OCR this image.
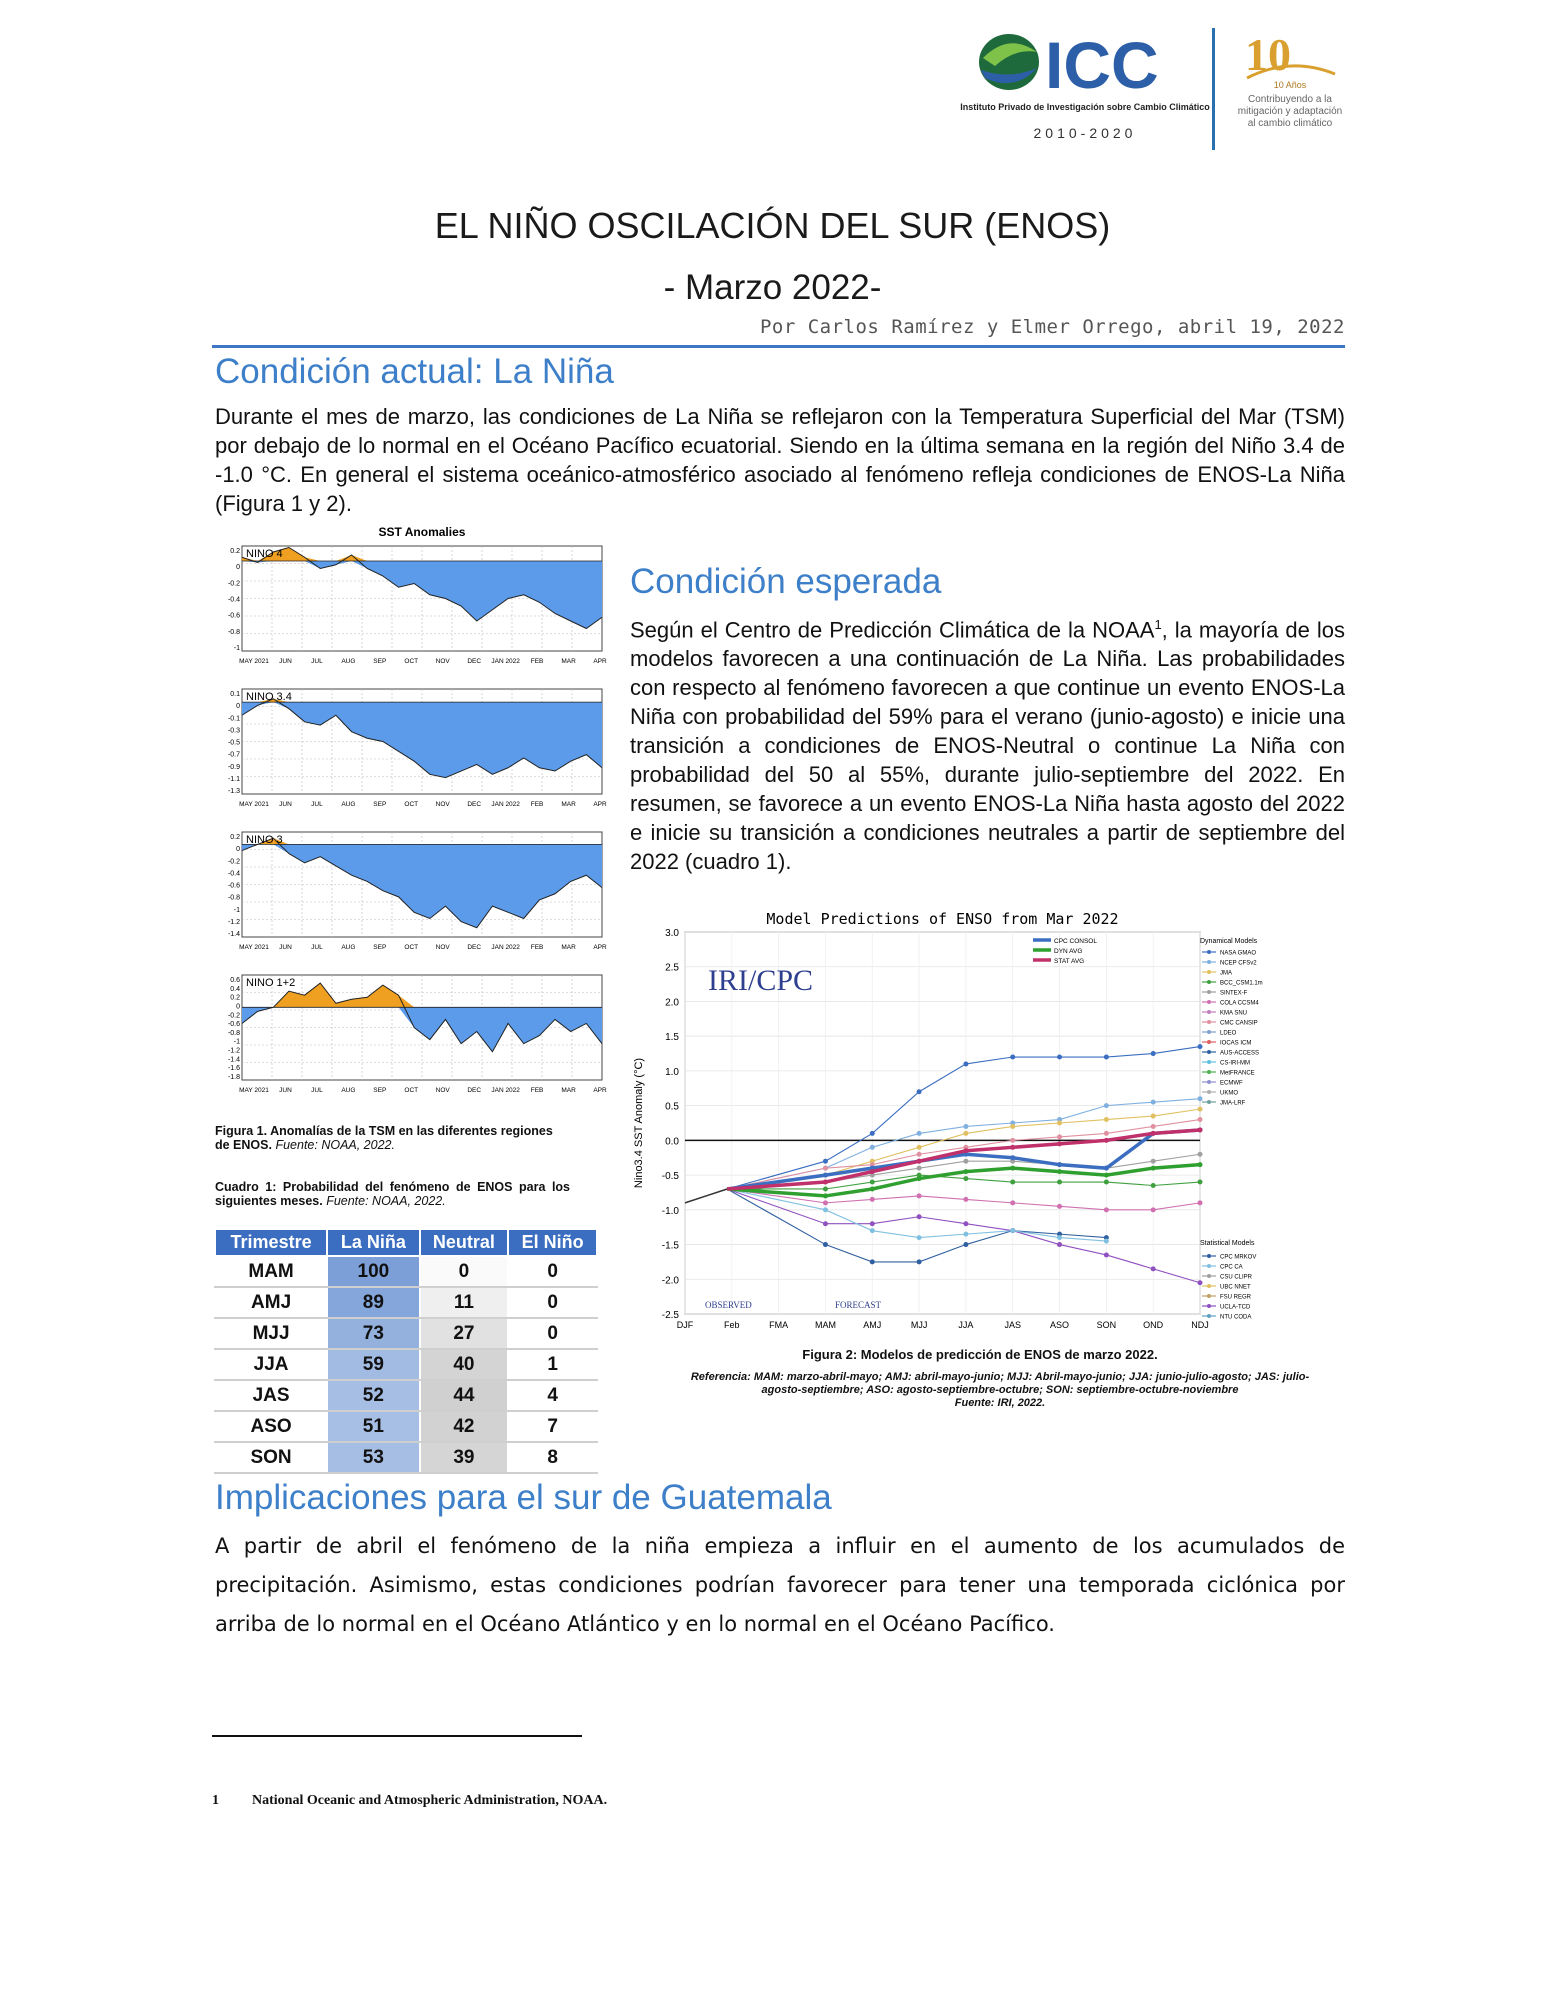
ICC
Instituto Privado de Investigación sobre Cambio Climático
2010-2020
10
10 Años
Contribuyendo a la mitigación y adaptación al cambio climático
EL NIÑO OSCILACIÓN DEL SUR (ENOS)
- Marzo 2022-
Por Carlos Ramírez y Elmer Orrego, abril 19, 2022
Condición actual: La Niña
Durante el mes de marzo, las condiciones de La Niña se reflejaron con la Temperatura Superficial del Mar (TSM) por debajo de lo normal en el Océano Pacífico ecuatorial. Siendo en la última semana en la región del Niño 3.4 de -1.0 °C. En general el sistema oceánico-atmosférico asociado al fenómeno refleja condiciones de ENOS-La Niña (Figura 1 y 2).
SST Anomalies
NINO 4
0.2
0
-0.2
-0.4
-0.6
-0.8
-1
MAY 2021 JUN	JUL	AUG	SEP	OCT	NOV	DEC JAN 2022 FEB	MAR	APR
NINO 3.4
0.1
0
-0.1
-0.3
-0.5
-0.7
-0.9
-1.1
-1.3
MAY 2021 JUN	JUL	AUG	SEP	OCT	NOV	DEC JAN 2022 FEB	MAR	APR
NINO 3
0.2
0
-0.2
-0.4
-0.6
-0.8
-1
-1.2
-1.4
MAY 2021 JUN	JUL	AUG	SEP	OCT	NOV	DEC JAN 2022 FEB	MAR	APR
NINO 1+2
0.6
0.4
0.2
0
-0.2
-0.6
-0.8
-1
-1.2
-1.4
-1.6
-1.8
MAY 2021 JUN	JUL	AUG	SEP	OCT	NOV	DEC JAN 2022 FEB	MAR	APR
Figura 1. Anomalías de la TSM en las diferentes regiones de ENOS. Fuente: NOAA, 2022.
Cuadro 1: Probabilidad del fenómeno de ENOS para los siguientes meses. Fuente: NOAA, 2022.
Trimestre	La Niña	Neutral	El Niño
MAM	100	0	0
AMJ	89	11	0
MJJ	73	27	0
JJA	59	40	1
JAS	52	44	4
ASO	51	42	7
SON	53	39	8
Condición esperada
Según el Centro de Predicción Climática de la NOAA$^1$, la mayoría de los modelos favorecen a una continuación de La Niña. Las probabilidades con respecto al fenómeno favorecen a que continue un evento ENOS-La Niña con probabilidad del 59% para el verano (junio-agosto) e inicie una transición a condiciones de ENOS-Neutral o continue La Niña con probabilidad del 50 al 55%, durante julio-septiembre del 2022. En resumen, se favorece a un evento ENOS-La Niña hasta agosto del 2022 e inicie su transición a condiciones neutrales a partir de septiembre del 2022 (cuadro 1).
Model Predictions of ENSO from Mar 2022
3.0
2.5
2.0
1.5
1.0
0.5
0.0
-0.5
-1.0
-1.5
-2.0
-2.5
DJF	Feb	FMA	MAM	AMJ	MJJ	JJA	JAS	ASO	SON	OND	NDJ
Nino3.4 SST Anomaly (°C)
IRI/CPC
OBSERVED	FORECAST
CPC CONSOL
DYN AVG
STAT AVG
Dynamical Models
NASA GMAO
NCEP CFSv2
JMA
BCC_CSM1.1m
SINTEX-F
COLA CCSM4
KMA SNU
CMC CANSIP
LDEO
IOCAS ICM
AUS-ACCESS
CS-IRI-MM
MetFRANCE
ECMWF
UKMO
JMA-LRF
Statistical Models
CPC MRKOV
CPC CA
CSU CLIPR
UBC NNET
FSU REGR
UCLA-TCD
NTU CODA
Figura 2: Modelos de predicción de ENOS de marzo 2022.
Referencia: MAM: marzo-abril-mayo; AMJ: abril-mayo-junio; MJJ: Abril-mayo-junio; JJA: junio-julio-agosto; JAS: julio-agosto-septiembre; ASO: agosto-septiembre-octubre; SON: septiembre-octubre-noviembre
Fuente: IRI, 2022.
Implicaciones para el sur de Guatemala
A partir de abril el fenómeno de la niña empieza a influir en el aumento de los acumulados de precipitación. Asimismo, estas condiciones podrían favorecer para tener una temporada ciclónica por arriba de lo normal en el Océano Atlántico y en lo normal en el Océano Pacífico.
1 National Oceanic and Atmospheric Administration, NOAA.
